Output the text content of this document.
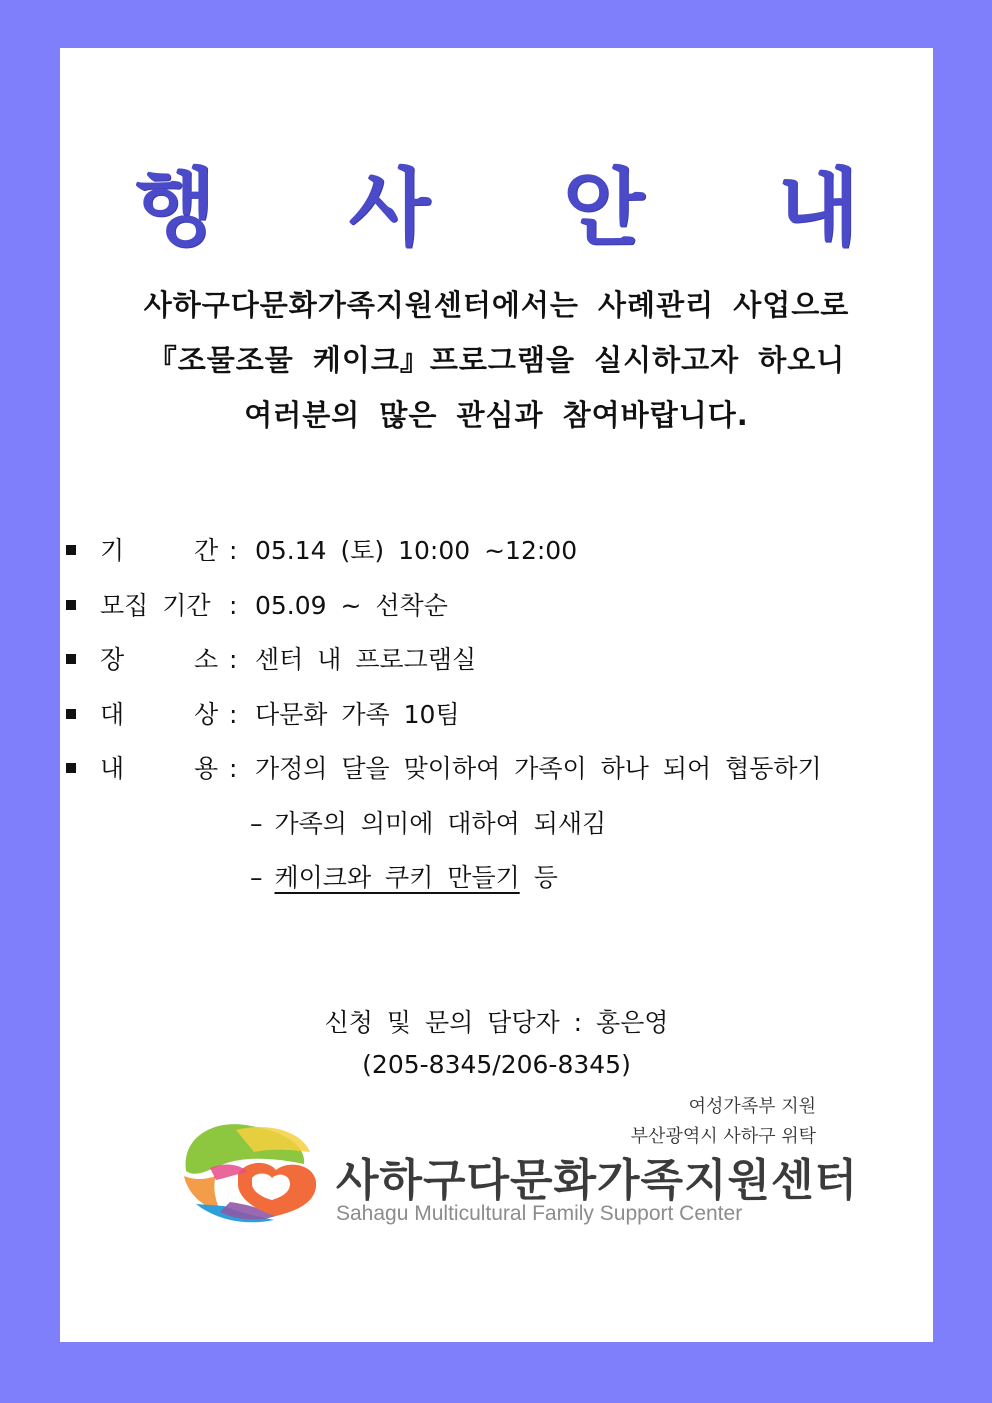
행 사 안 내
사하구다문화가족지원센터에서는 사례관리 사업으로
『조물조물 케이크』프로그램을 실시하고자 하오니
여러분의 많은 관심과 참여바랍니다.
기	간 : 05.14 (토) 10:00 ~12:00
모집 기간 : 05.09 ~ 선착순
장	소 : 센터 내 프로그램실
대	상 : 다문화 가족 10팀
내	용 : 가정의 달을 맞이하여 가족이 하나 되어 협동하기
– 가족의 의미에 대하여 되새김
– 케이크와 쿠키 만들기 등
신청 및 문의 담당자 : 홍은영
(205-8345/206-8345)
여성가족부 지원
부산광역시 사하구 위탁
사하구다문화가족지원센터
Sahagu Multicultural Family Support Center
